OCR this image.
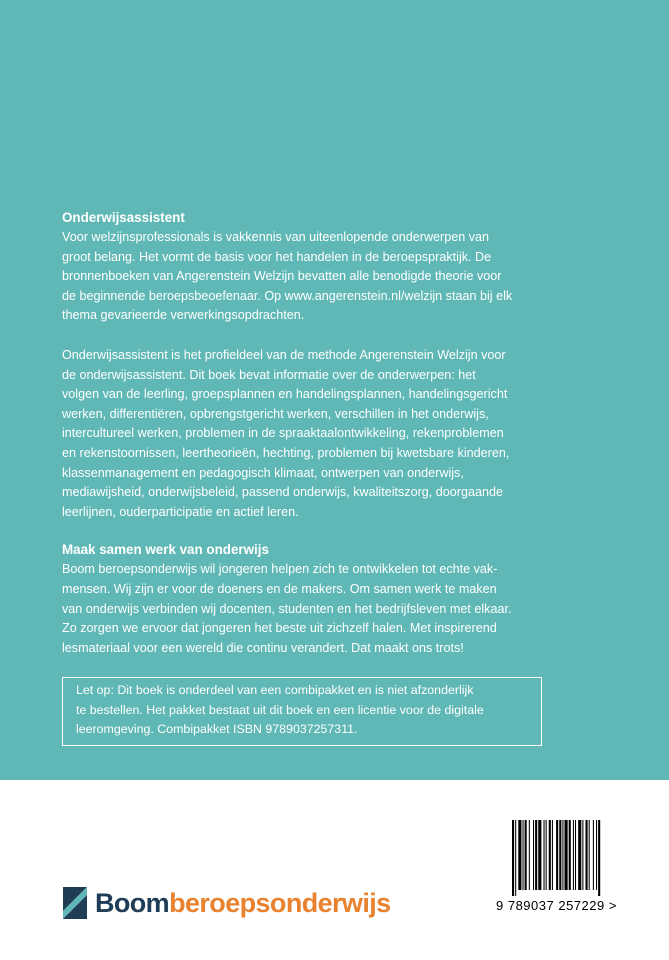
Onderwijsassistent

Voor welzijnsprofessionals is vakkennis van uiteenlopende onderwerpen van

groot belang. Het vormt de basis voor het handelen in de beroepspraktijk. De

bronnenboeken van Angerenstein Welzijn bevatten alle benodigde theorie voor

de beginnende beroepsbeoefenaar. Op www.angerenstein.nl/welzijn staan bij elk

thema gevarieerde verwerkingsopdrachten.

Onderwijsassistent is het profieldeel van de methode Angerenstein Welzijn voor

de onderwijsassistent. Dit boek bevat informatie over de onderwerpen: het

volgen van de leerling, groepsplannen en handelingsplannen, handelingsgericht

werken, differentiëren, opbrengstgericht werken, verschillen in het onderwijs,

intercultureel werken, problemen in de spraaktaalontwikkeling, rekenproblemen

en rekenstoornissen, leertheorieën, hechting, problemen bij kwetsbare kinderen,

klassenmanagement en pedagogisch klimaat, ontwerpen van onderwijs,

mediawijsheid, onderwijsbeleid, passend onderwijs, kwaliteitszorg, doorgaande

leerlijnen, ouderparticipatie en actief leren.

Maak samen werk van onderwijs

Boom beroepsonderwijs wil jongeren helpen zich te ontwikkelen tot echte vak-

mensen. Wij zijn er voor de doeners en de makers. Om samen werk te maken

van onderwijs verbinden wij docenten, studenten en het bedrijfsleven met elkaar.

Zo zorgen we ervoor dat jongeren het beste uit zichzelf halen. Met inspirerend

lesmateriaal voor een wereld die continu verandert. Dat maakt ons trots!

Let op: Dit boek is onderdeel van een combipakket en is niet afzonderlijk

te bestellen. Het pakket bestaat uit dit boek en een licentie voor de digitale

leeromgeving. Combipakket ISBN 9789037257311.

Boomberoepsonderwijs	9 789037 257229 >
